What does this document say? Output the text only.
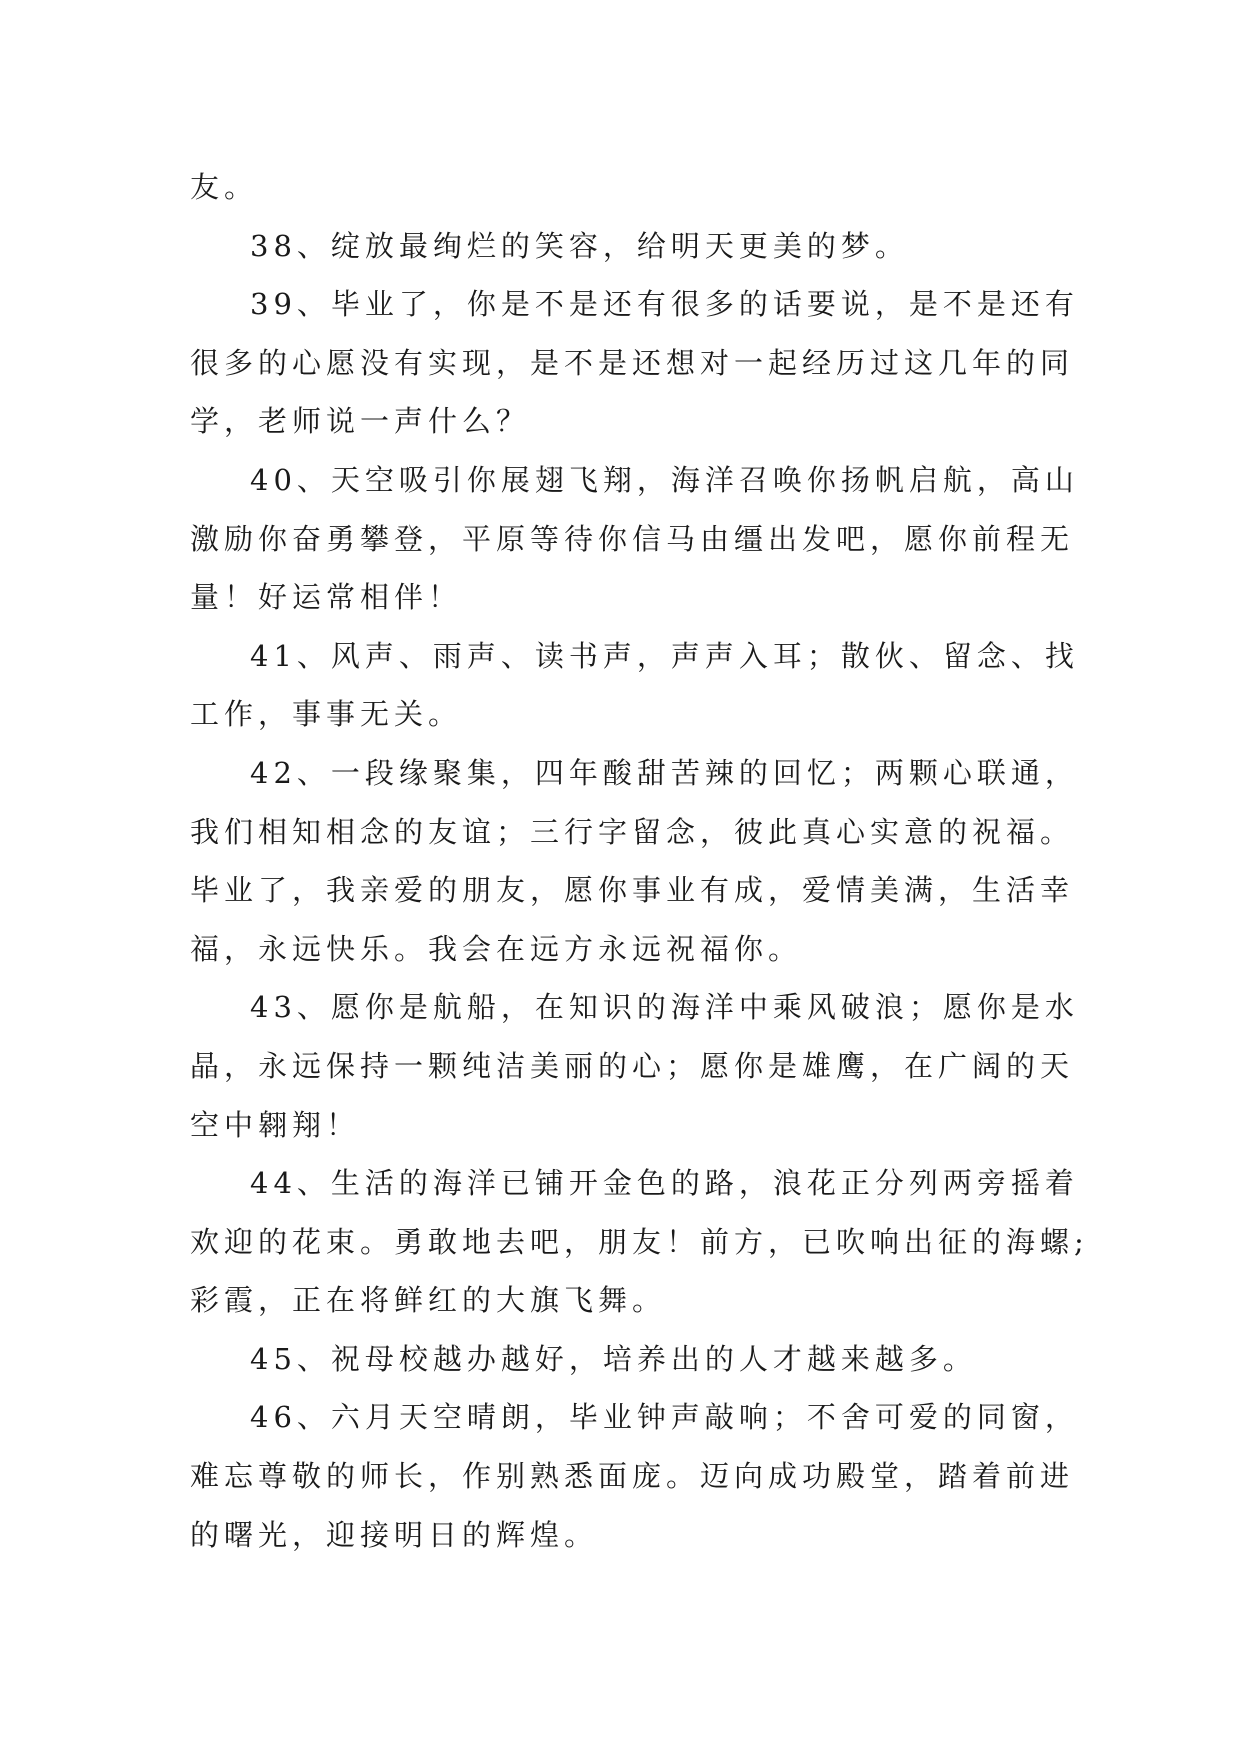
友。
38、绽放最绚烂的笑容，给明天更美的梦。
39、毕业了，你是不是还有很多的话要说，是不是还有
很多的心愿没有实现，是不是还想对一起经历过这几年的同
学，老师说一声什么？
40、天空吸引你展翅飞翔，海洋召唤你扬帆启航，高山
激励你奋勇攀登，平原等待你信马由缰出发吧，愿你前程无
量！好运常相伴！
41、风声、雨声、读书声，声声入耳；散伙、留念、找
工作，事事无关。
42、一段缘聚集，四年酸甜苦辣的回忆；两颗心联通，
我们相知相念的友谊；三行字留念，彼此真心实意的祝福。
毕业了，我亲爱的朋友，愿你事业有成，爱情美满，生活幸
福，永远快乐。我会在远方永远祝福你。
43、愿你是航船，在知识的海洋中乘风破浪；愿你是水
晶，永远保持一颗纯洁美丽的心；愿你是雄鹰，在广阔的天
空中翱翔！
44、生活的海洋已铺开金色的路，浪花正分列两旁摇着
欢迎的花束。勇敢地去吧，朋友！前方，已吹响出征的海螺;
彩霞，正在将鲜红的大旗飞舞。
45、祝母校越办越好，培养出的人才越来越多。
46、六月天空晴朗，毕业钟声敲响；不舍可爱的同窗，
难忘尊敬的师长，作别熟悉面庞。迈向成功殿堂，踏着前进
的曙光，迎接明日的辉煌。
